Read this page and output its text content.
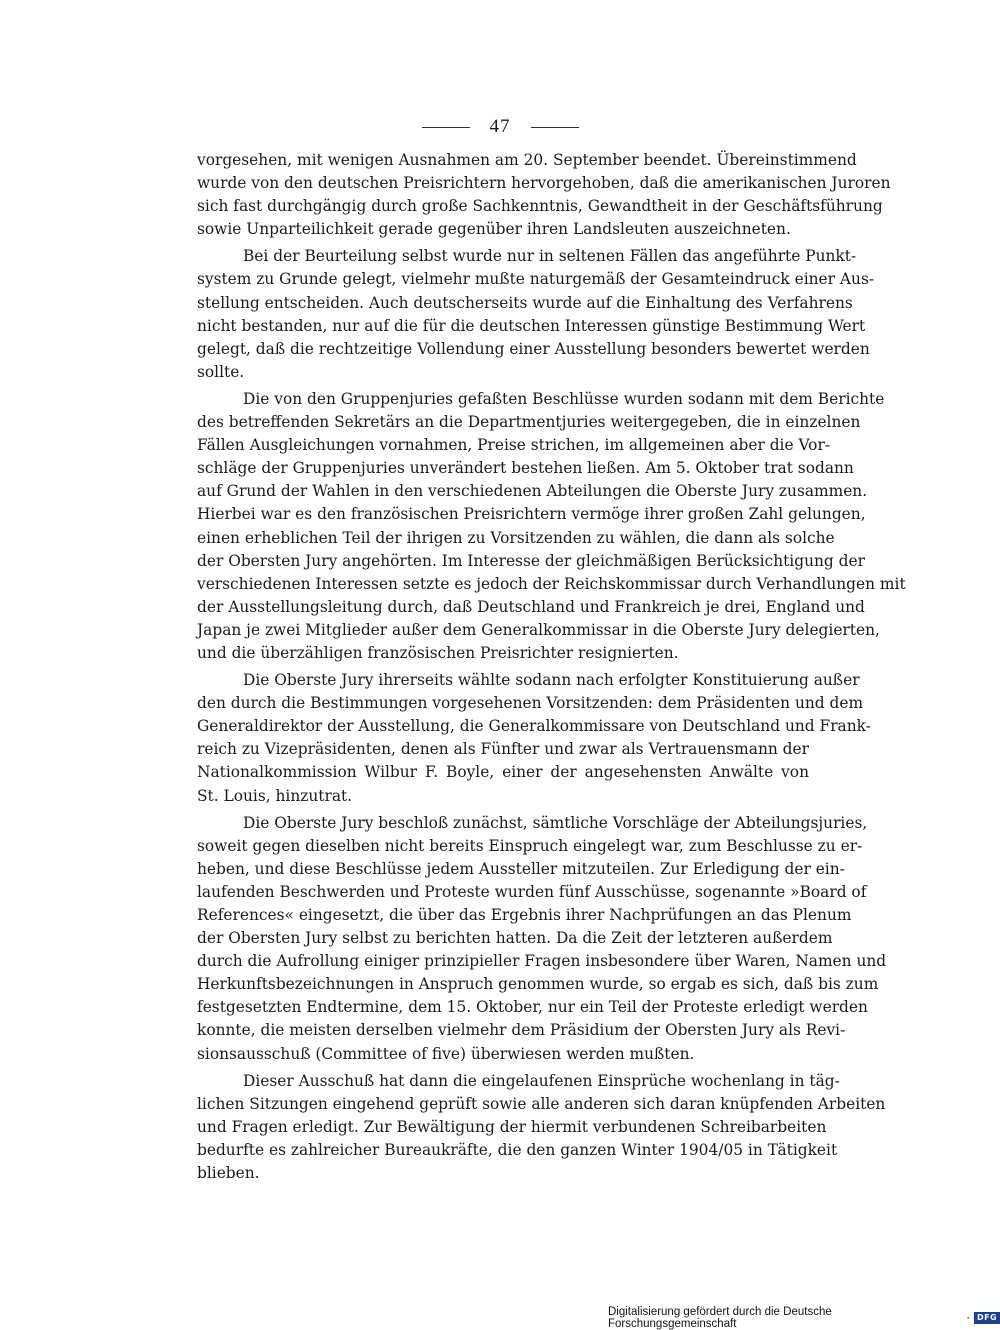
47
vorgesehen, mit wenigen Ausnahmen am 20. September beendet. Übereinstimmend
wurde von den deutschen Preisrichtern hervorgehoben, daß die amerikanischen Juroren
sich fast durchgängig durch große Sachkenntnis, Gewandtheit in der Geschäftsführung
sowie Unparteilichkeit gerade gegenüber ihren Landsleuten auszeichneten.
Bei der Beurteilung selbst wurde nur in seltenen Fällen das angeführte Punkt-
system zu Grunde gelegt, vielmehr mußte naturgemäß der Gesamteindruck einer Aus-
stellung entscheiden. Auch deutscherseits wurde auf die Einhaltung des Verfahrens
nicht bestanden, nur auf die für die deutschen Interessen günstige Bestimmung Wert
gelegt, daß die rechtzeitige Vollendung einer Ausstellung besonders bewertet werden
sollte.
Die von den Gruppenjuries gefaßten Beschlüsse wurden sodann mit dem Berichte
des betreffenden Sekretärs an die Departmentjuries weitergegeben, die in einzelnen
Fällen Ausgleichungen vornahmen, Preise strichen, im allgemeinen aber die Vor-
schläge der Gruppenjuries unverändert bestehen ließen. Am 5. Oktober trat sodann
auf Grund der Wahlen in den verschiedenen Abteilungen die Oberste Jury zusammen.
Hierbei war es den französischen Preisrichtern vermöge ihrer großen Zahl gelungen,
einen erheblichen Teil der ihrigen zu Vorsitzenden zu wählen, die dann als solche
der Obersten Jury angehörten. Im Interesse der gleichmäßigen Berücksichtigung der
verschiedenen Interessen setzte es jedoch der Reichskommissar durch Verhandlungen mit
der Ausstellungsleitung durch, daß Deutschland und Frankreich je drei, England und
Japan je zwei Mitglieder außer dem Generalkommissar in die Oberste Jury delegierten,
und die überzähligen französischen Preisrichter resignierten.
Die Oberste Jury ihrerseits wählte sodann nach erfolgter Konstituierung außer
den durch die Bestimmungen vorgesehenen Vorsitzenden: dem Präsidenten und dem
Generaldirektor der Ausstellung, die Generalkommissare von Deutschland und Frank-
reich zu Vizepräsidenten, denen als Fünfter und zwar als Vertrauensmann der
Nationalkommission Wilbur F. Boyle, einer der angesehensten Anwälte von
St. Louis, hinzutrat.
Die Oberste Jury beschloß zunächst, sämtliche Vorschläge der Abteilungsjuries,
soweit gegen dieselben nicht bereits Einspruch eingelegt war, zum Beschlusse zu er-
heben, und diese Beschlüsse jedem Aussteller mitzuteilen. Zur Erledigung der ein-
laufenden Beschwerden und Proteste wurden fünf Ausschüsse, sogenannte »Board of
References« eingesetzt, die über das Ergebnis ihrer Nachprüfungen an das Plenum
der Obersten Jury selbst zu berichten hatten. Da die Zeit der letzteren außerdem
durch die Aufrollung einiger prinzipieller Fragen insbesondere über Waren, Namen und
Herkunftsbezeichnungen in Anspruch genommen wurde, so ergab es sich, daß bis zum
festgesetzten Endtermine, dem 15. Oktober, nur ein Teil der Proteste erledigt werden
konnte, die meisten derselben vielmehr dem Präsidium der Obersten Jury als Revi-
sionsausschuß (Committee of five) überwiesen werden mußten.
Dieser Ausschuß hat dann die eingelaufenen Einsprüche wochenlang in täg-
lichen Sitzungen eingehend geprüft sowie alle anderen sich daran knüpfenden Arbeiten
und Fragen erledigt. Zur Bewältigung der hiermit verbundenen Schreibarbeiten
bedurfte es zahlreicher Bureaukräfte, die den ganzen Winter 1904/05 in Tätigkeit
blieben.
Digitalisierung gefördert durch die Deutsche Forschungsgemeinschaft	· DFG
